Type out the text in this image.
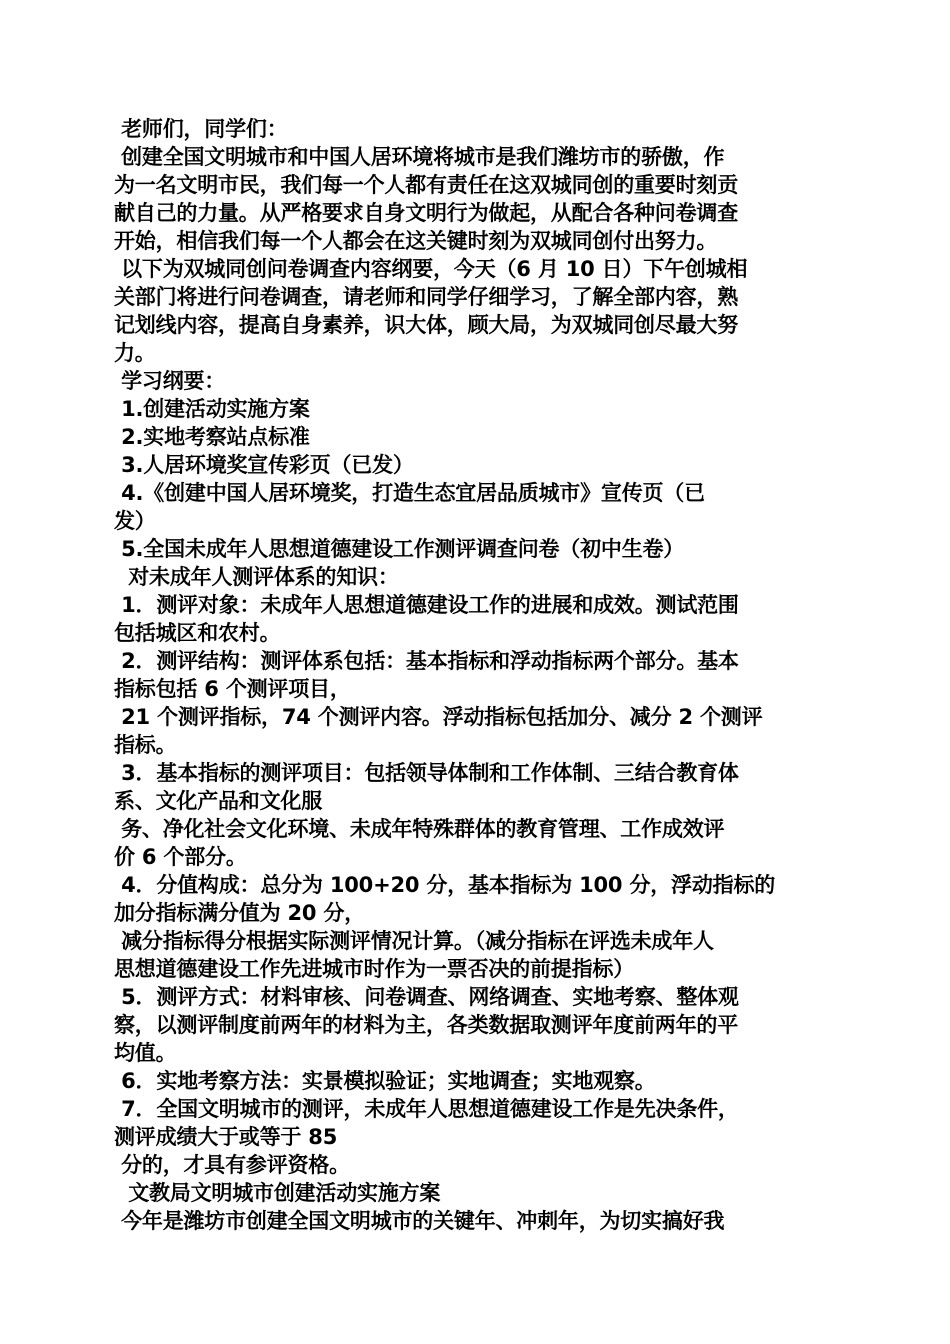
老师们，同学们：

创建全国文明城市和中国人居环境将城市是我们潍坊市的骄傲，作

为一名文明市民，我们每一个人都有责任在这双城同创的重要时刻贡

献自己的力量。从严格要求自身文明行为做起，从配合各种问卷调查

开始，相信我们每一个人都会在这关键时刻为双城同创付出努力。

以下为双城同创问卷调查内容纲要，今天（6 月 10 日）下午创城相

关部门将进行问卷调查，请老师和同学仔细学习，了解全部内容，熟

记划线内容，提高自身素养，识大体，顾大局，为双城同创尽最大努

力。

学习纲要：

1.创建活动实施方案

2.实地考察站点标准

3.人居环境奖宣传彩页（已发）

4.《创建中国人居环境奖，打造生态宜居品质城市》宣传页（已

发）

5.全国未成年人思想道德建设工作测评调查问卷（初中生卷）

对未成年人测评体系的知识：

1．测评对象：未成年人思想道德建设工作的进展和成效。测试范围

包括城区和农村。

2．测评结构：测评体系包括：基本指标和浮动指标两个部分。基本

指标包括 6 个测评项目，

21 个测评指标，74 个测评内容。浮动指标包括加分、减分 2 个测评

指标。

3．基本指标的测评项目：包括领导体制和工作体制、三结合教育体

系、文化产品和文化服

务、净化社会文化环境、未成年特殊群体的教育管理、工作成效评

价 6 个部分。

4．分值构成：总分为 100+20 分，基本指标为 100 分，浮动指标的

加分指标满分值为 20 分，

减分指标得分根据实际测评情况计算。（减分指标在评选未成年人

思想道德建设工作先进城市时作为一票否决的前提指标）

5．测评方式：材料审核、问卷调查、网络调查、实地考察、整体观

察，以测评制度前两年的材料为主，各类数据取测评年度前两年的平

均值。

6．实地考察方法：实景模拟验证；实地调查；实地观察。

7．全国文明城市的测评，未成年人思想道德建设工作是先决条件，

测评成绩大于或等于 85

分的，才具有参评资格。

文教局文明城市创建活动实施方案

今年是潍坊市创建全国文明城市的关键年、冲刺年，为切实搞好我
